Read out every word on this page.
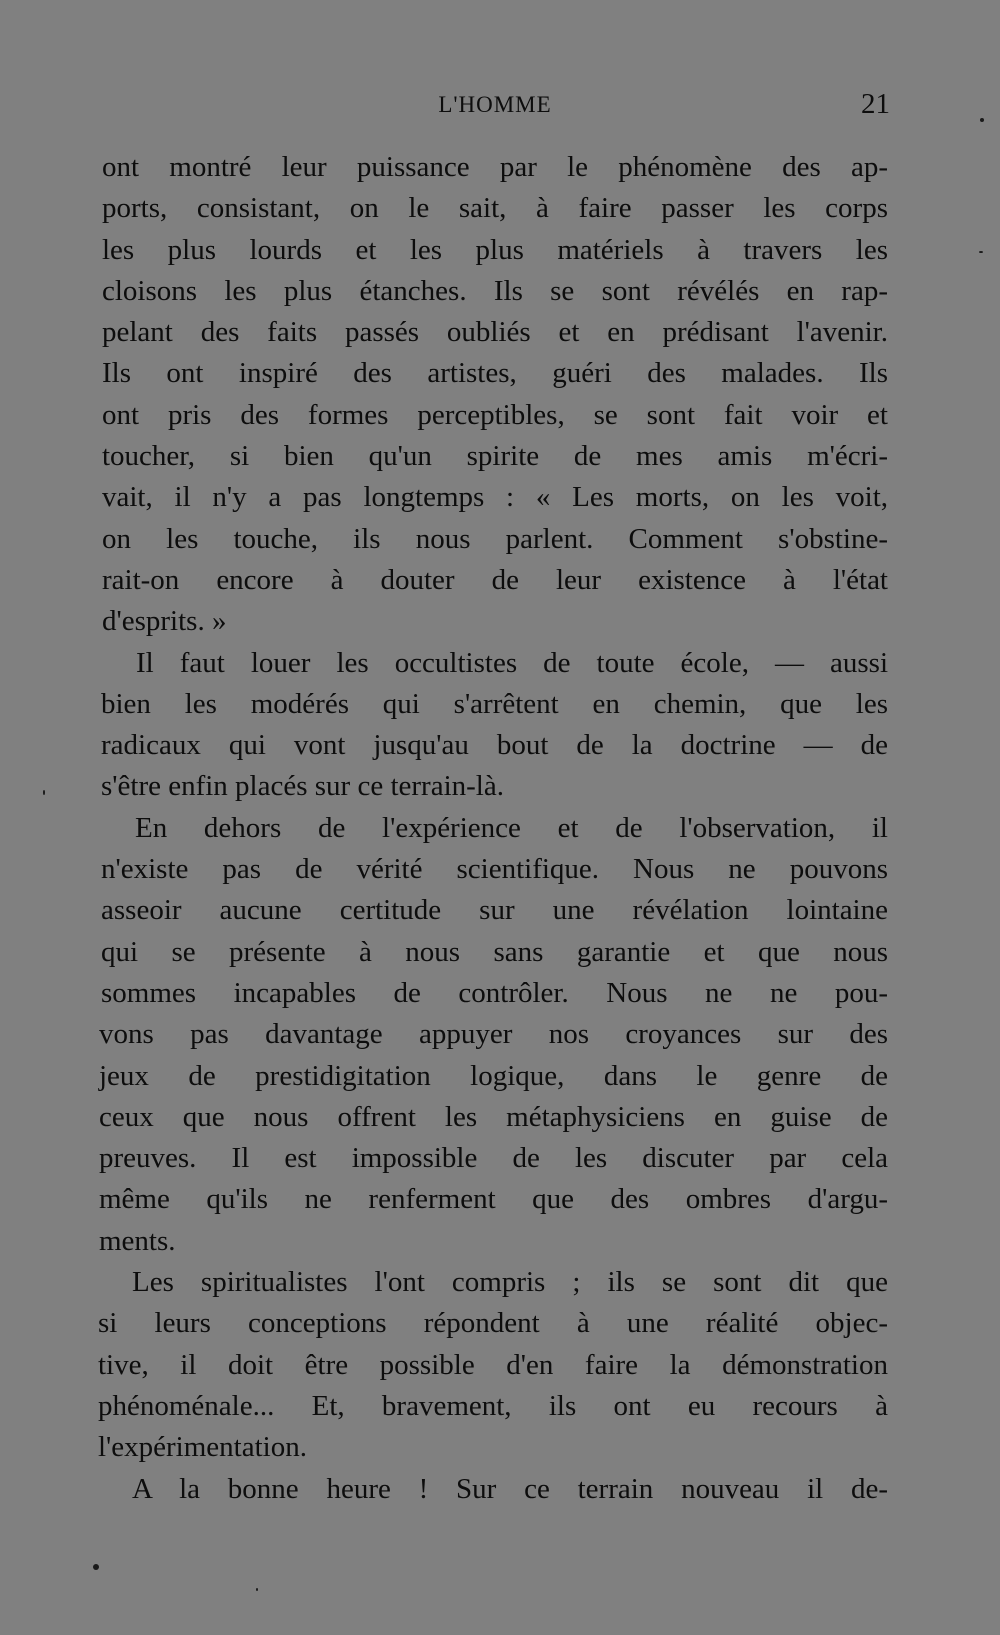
L'HOMME	21
ont montré leur puissance par le phénomène des ap-
ports, consistant, on le sait, à faire passer les corps
les plus lourds et les plus matériels à travers les
cloisons les plus étanches. Ils se sont révélés en rap-
pelant des faits passés oubliés et en prédisant l'avenir.
Ils ont inspiré des artistes, guéri des malades. Ils
ont pris des formes perceptibles, se sont fait voir et
toucher, si bien qu'un spirite de mes amis m'écri-
vait, il n'y a pas longtemps : « Les morts, on les voit,
on les touche, ils nous parlent. Comment s'obstine-
rait-on encore à douter de leur existence à l'état
d'esprits. »
Il faut louer les occultistes de toute école, — aussi
bien les modérés qui s'arrêtent en chemin, que les
radicaux qui vont jusqu'au bout de la doctrine — de
s'être enfin placés sur ce terrain-là.
En dehors de l'expérience et de l'observation, il
n'existe pas de vérité scientifique. Nous ne pouvons
asseoir aucune certitude sur une révélation lointaine
qui se présente à nous sans garantie et que nous
sommes incapables de contrôler. Nous ne ne pou-
vons pas davantage appuyer nos croyances sur des
jeux de prestidigitation logique, dans le genre de
ceux que nous offrent les métaphysiciens en guise de
preuves. Il est impossible de les discuter par cela
même qu'ils ne renferment que des ombres d'argu-
ments.
Les spiritualistes l'ont compris ; ils se sont dit que
si leurs conceptions répondent à une réalité objec-
tive, il doit être possible d'en faire la démonstration
phénoménale... Et, bravement, ils ont eu recours à
l'expérimentation.
A la bonne heure ! Sur ce terrain nouveau il de-
